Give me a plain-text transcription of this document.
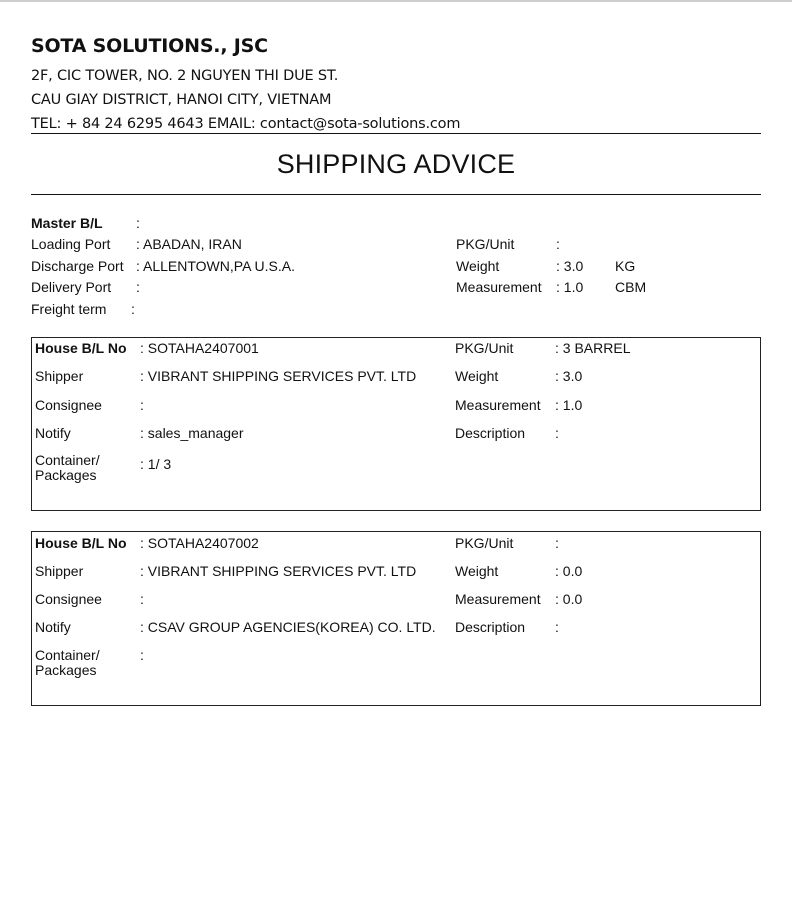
SOTA SOLUTIONS., JSC
2F, CIC TOWER, NO. 2 NGUYEN THI DUE ST.
CAU GIAY DISTRICT, HANOI CITY, VIETNAM
TEL: + 84 24 6295 4643 EMAIL: contact@sota-solutions.com
SHIPPING ADVICE
Master B/L :
Loading Port : ABADAN, IRAN
Discharge Port : ALLENTOWN,PA U.S.A.
Delivery Port :
Freight term :
PKG/Unit	:
Weight	: 3.0 KG
Measurement : 1.0 CBM
House B/L No : SOTAHA2407001
Shipper	: VIBRANT SHIPPING SERVICES PVT. LTD
Consignee	:
Notify	: sales_manager
Container/
Packages
: 1/ 3
PKG/Unit	: 3 BARREL
Weight	: 3.0
Measurement : 1.0
Description :
House B/L No : SOTAHA2407002
Shipper	: VIBRANT SHIPPING SERVICES PVT. LTD
Consignee	:
Notify	: CSAV GROUP AGENCIES(KOREA) CO. LTD.
Container/
Packages
:
PKG/Unit	:
Weight	: 0.0
Measurement : 0.0
Description :
